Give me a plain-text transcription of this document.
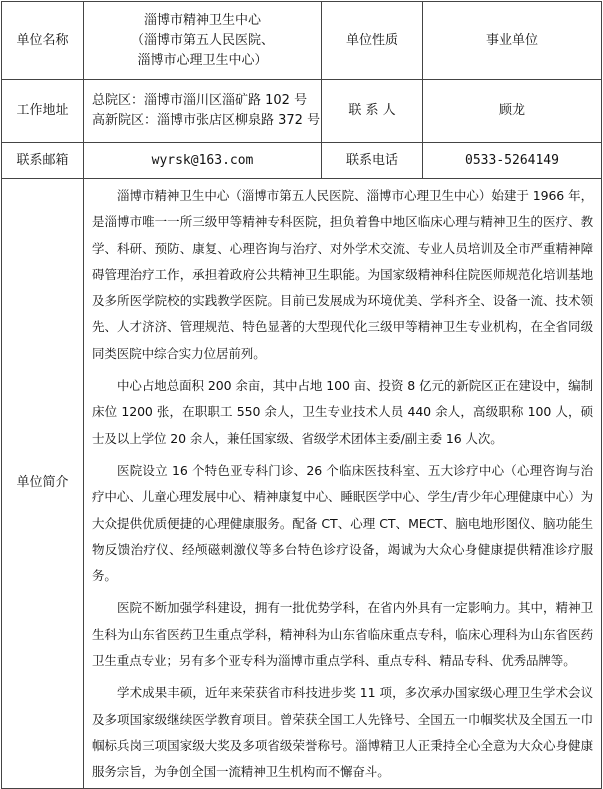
单位名称	淄博市精神卫生中心
（淄博市第五人民医院、
淄博市心理卫生中心）	单位性质	事业单位
工作地址	总院区：淄博市淄川区淄矿路 102 号
高新院区：淄博市张店区柳泉路 372 号	联 系 人	顾龙
联系邮箱	wyrsk@163.com	联系电话	0533-5264149
单位简介	淄博市精神卫生中心（淄博市第五人民医院、淄博市心理卫生中心）始建于 1966 年，是淄博市唯一一所三级甲等精神专科医院，担负着鲁中地区临床心理与精神卫生的医疗、教学、科研、预防、康复、心理咨询与治疗、对外学术交流、专业人员培训及全市严重精神障碍管理治疗工作，承担着政府公共精神卫生职能。为国家级精神科住院医师规范化培训基地及多所医学院校的实践教学医院。目前已发展成为环境优美、学科齐全、设备一流、技术领先、人才济济、管理规范、特色显著的大型现代化三级甲等精神卫生专业机构，在全省同级同类医院中综合实力位居前列。

中心占地总面积 200 余亩，其中占地 100 亩、投资 8 亿元的新院区正在建设中，编制床位 1200 张，在职职工 550 余人，卫生专业技术人员 440 余人，高级职称 100 人，硕士及以上学位 20 余人，兼任国家级、省级学术团体主委/副主委 16 人次。

医院设立 16 个特色亚专科门诊、26 个临床医技科室、五大诊疗中心（心理咨询与治疗中心、儿童心理发展中心、精神康复中心、睡眠医学中心、学生/青少年心理健康中心）为大众提供优质便捷的心理健康服务。配备 CT、心理 CT、MECT、脑电地形图仪、脑功能生物反馈治疗仪、经颅磁刺激仪等多台特色诊疗设备，竭诚为大众心身健康提供精准诊疗服务。

医院不断加强学科建设，拥有一批优势学科，在省内外具有一定影响力。其中，精神卫生科为山东省医药卫生重点学科，精神科为山东省临床重点专科，临床心理科为山东省医药卫生重点专业；另有多个亚专科为淄博市重点学科、重点专科、精品专科、优秀品牌等。

学术成果丰硕，近年来荣获省市科技进步奖 11 项，多次承办国家级心理卫生学术会议及多项国家级继续医学教育项目。曾荣获全国工人先锋号、全国五一巾帼奖状及全国五一巾帼标兵岗三项国家级大奖及多项省级荣誉称号。淄博精卫人正秉持全心全意为大众心身健康服务宗旨，为争创全国一流精神卫生机构而不懈奋斗。		
